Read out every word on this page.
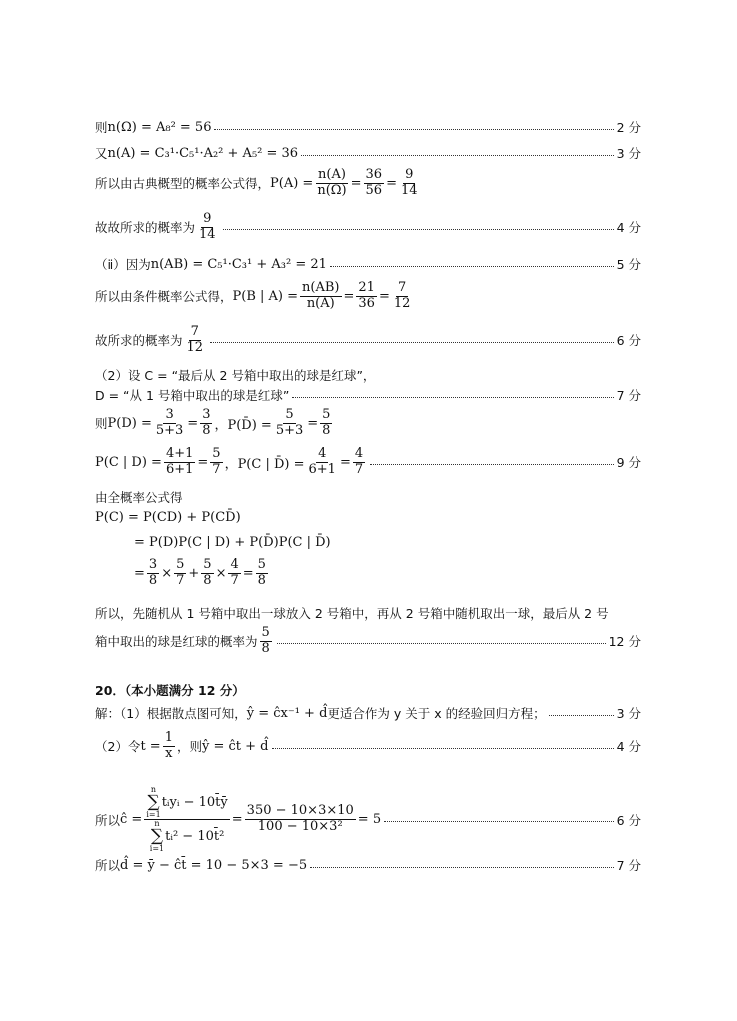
则 n(Ω) = A₈² = 56	2 分
又 n(A) = C₃¹·C₅¹·A₂² + A₅² = 36	3 分
所以由古典概型的概率公式得， $P(A) = \frac{n(A)}{n(\Omega)} = \frac{36}{56} = \frac{9}{14}$
故故所求的概率为 $\frac{9}{14}$	4 分
（ⅱ）因为 n(AB) = C₅¹·C₃¹ + A₃² = 21	5 分
所以由条件概率公式得， P(B | $A) = \frac{n(AB)}{n(A)} = \frac{21}{36} = \frac{7}{12}$
故所求的概率为 $\frac{7}{12}$	6 分
（2）设 C = “最后从 2 号箱中取出的球是红球”，
D = “从 1 号箱中取出的球是红球”	7 分
则 $P(D) = \frac{3}{5+3} = \frac{3}{8}$ ，P(D̄) = $\frac{5}{5+3} = \frac{5}{8}$
P(C | $D) = \frac{4+1}{6+1} = \frac{5}{7}$ ，P(C | D̄) = $\frac{4}{6+1} = \frac{4}{7}$	9 分
由全概率公式得
P(C) = P(CD) + P(CD̄)
= P(D)P(C | D) + P(D̄)P(C | D̄)
= $\frac{3}{8} \times \frac{5}{7} + \frac{5}{8} \times \frac{4}{7} = \frac{5}{8}$
所以，先随机从 1 号箱中取出一球放入 2 号箱中，再从 2 号箱中随机取出一球，最后从 2 号
箱中取出的球是红球的概率为 $\frac{5}{8}$	12 分
20．（本小题满分 12 分）
解：（1）根据散点图可知， ŷ = ĉx⁻¹ + d̂ 更适合作为 y 关于 x 的经验回归方程；	3 分
（2）令 $t = \frac{1}{x}$ ，则 ŷ = ĉt + d̂	4 分
所以 ĉ = n
∑
i=1
tᵢyᵢ − 10t̄ȳ
n
∑
i=1
tᵢ² − 10t̄² = $\frac{350 - 10\times 3\times 10}{\text{100 − 10×3²}} = 5$	6 分
所以 d̂ = ȳ − ĉt̄ = 10 − 5×3 = −5	7 分
